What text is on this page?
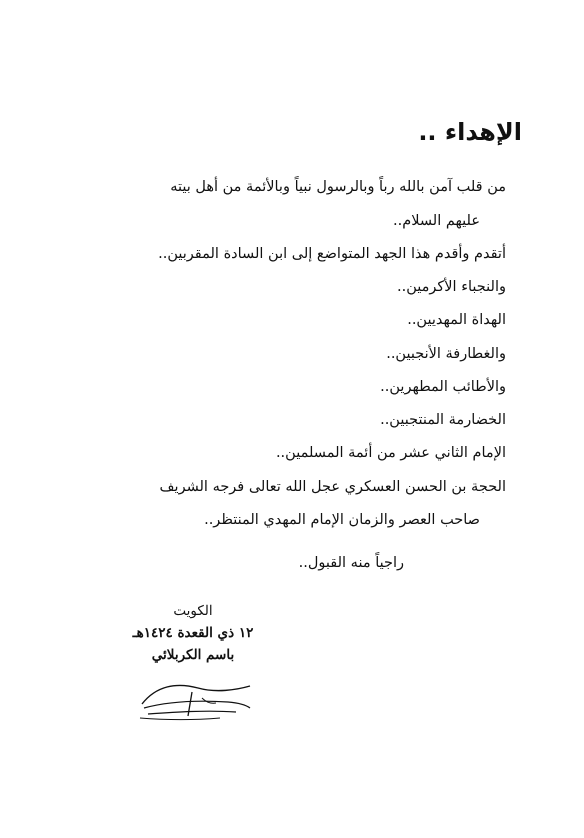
الإهداء ..
من قلب آمن بالله رباً وبالرسول نبياً وبالأئمة من أهل بيته
عليهم السلام..
أتقدم وأقدم هذا الجهد المتواضع إلى ابن السادة المقربين..
والنجباء الأكرمين..
الهداة المهديين..
والغطارفة الأنجبين..
والأطائب المطهرين..
الخضارمة المنتجبين..
الإمام الثاني عشر من أئمة المسلمين..
الحجة بن الحسن العسكري عجل الله تعالى فرجه الشريف
صاحب العصر والزمان الإمام المهدي المنتظر..
راجياً منه القبول..
الكويت
١٢ ذي القعدة ١٤٢٤هـ
باسم الكربلائي
